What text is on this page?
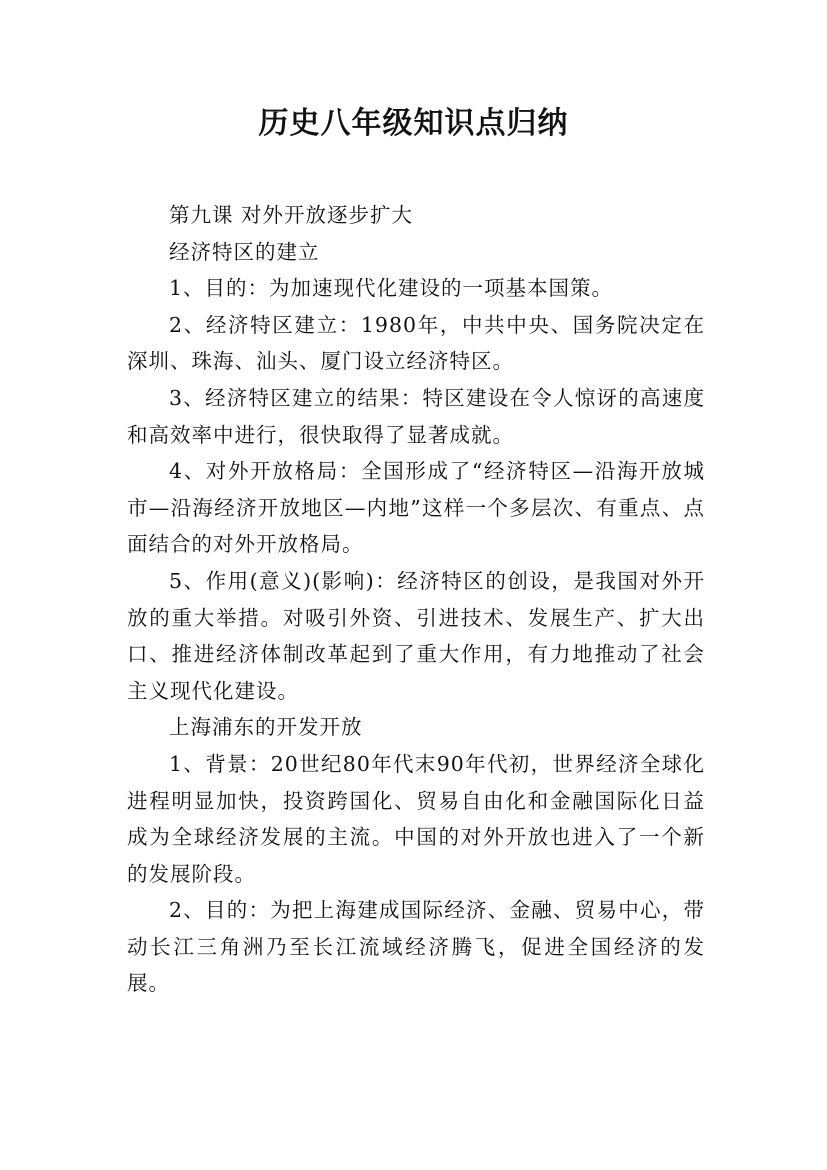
历史八年级知识点归纳

第九课 对外开放逐步扩大

经济特区的建立

1、目的：为加速现代化建设的一项基本国策。

2、经济特区建立：1980年，中共中央、国务院决定在深圳、珠海、汕头、厦门设立经济特区。

3、经济特区建立的结果：特区建设在令人惊讶的高速度和高效率中进行，很快取得了显著成就。

4、对外开放格局：全国形成了“经济特区—沿海开放城市—沿海经济开放地区—内地”这样一个多层次、有重点、点面结合的对外开放格局。

5、作用(意义)(影响)：经济特区的创设，是我国对外开放的重大举措。对吸引外资、引进技术、发展生产、扩大出口、推进经济体制改革起到了重大作用，有力地推动了社会主义现代化建设。

上海浦东的开发开放

1、背景：20世纪80年代末90年代初，世界经济全球化进程明显加快，投资跨国化、贸易自由化和金融国际化日益成为全球经济发展的主流。中国的对外开放也进入了一个新的发展阶段。

2、目的：为把上海建成国际经济、金融、贸易中心，带动长江三角洲乃至长江流域经济腾飞，促进全国经济的发展。
